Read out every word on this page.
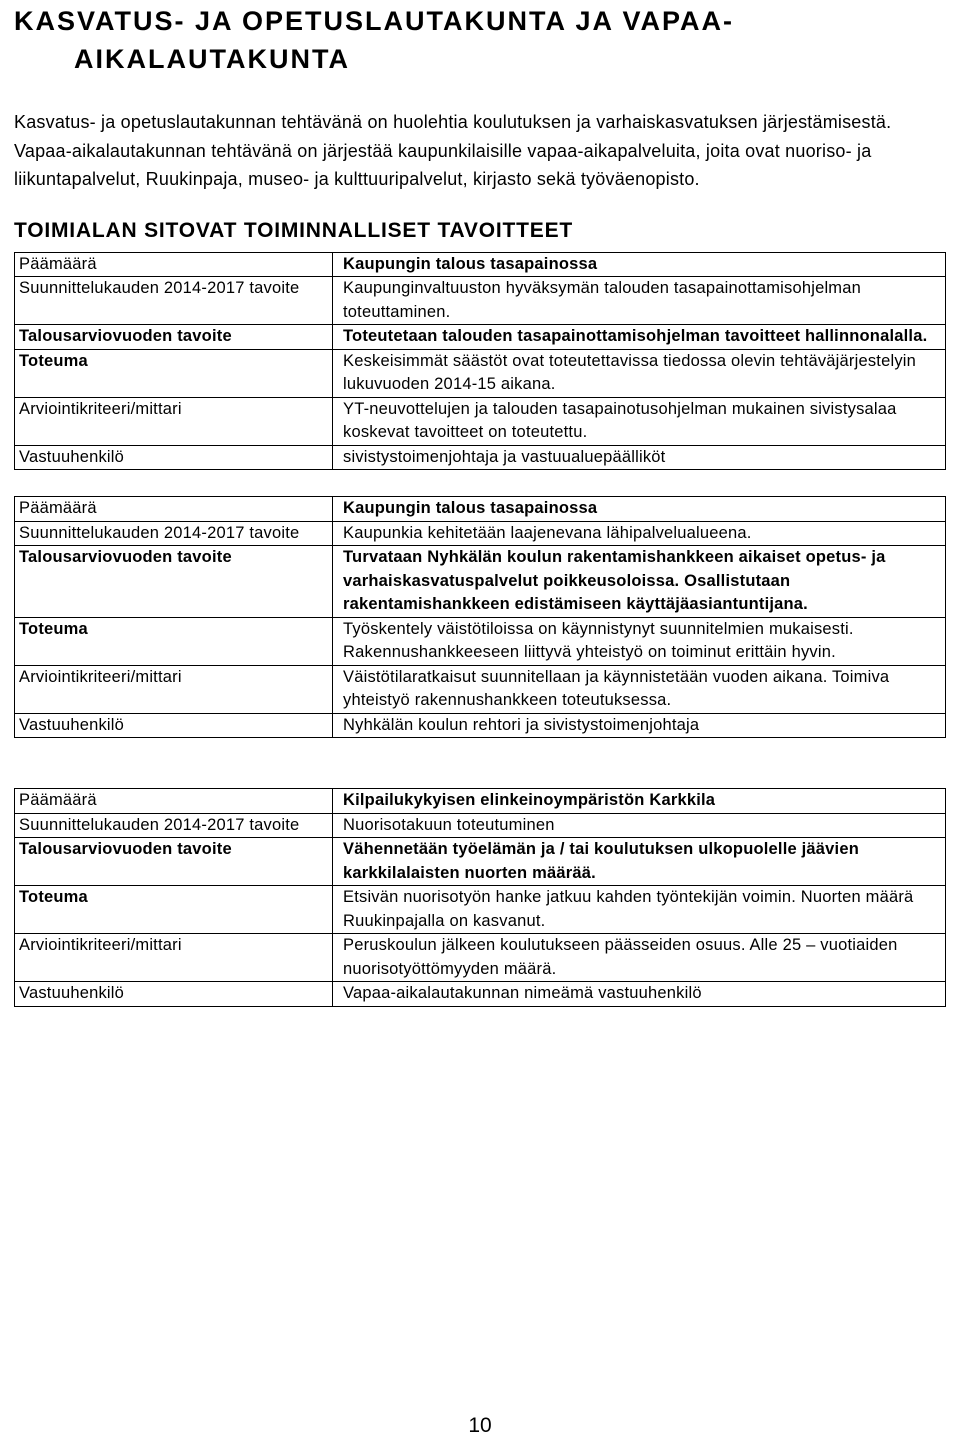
KASVATUS- JA OPETUSLAUTAKUNTA JA VAPAA-
AIKALAUTAKUNTA

Kasvatus- ja opetuslautakunnan tehtävänä on huolehtia koulutuksen ja varhaiskasvatuksen järjestämisestä. Vapaa-aikalautakunnan tehtävänä on järjestää kaupunkilaisille vapaa-aikapalveluita, joita ovat nuoriso- ja liikuntapalvelut, Ruukinpaja, museo- ja kulttuuripalvelut, kirjasto sekä työväenopisto.

TOIMIALAN SITOVAT TOIMINNALLISET TAVOITTEET
Päämäärä	Kaupungin talous tasapainossa
Suunnittelukauden 2014-2017 tavoite	Kaupunginvaltuuston hyväksymän talouden tasapainottamisohjelman toteuttaminen.
Talousarviovuoden tavoite	Toteutetaan talouden tasapainottamisohjelman tavoitteet hallinnonalalla.
Toteuma	Keskeisimmät säästöt ovat toteutettavissa tiedossa olevin tehtäväjärjestelyin lukuvuoden 2014-15 aikana.
Arviointikriteeri/mittari	YT-neuvottelujen ja talouden tasapainotusohjelman mukainen sivistysalaa koskevat tavoitteet on toteutettu.
Vastuuhenkilö	sivistystoimenjohtaja ja vastuualuepäälliköt
Päämäärä	Kaupungin talous tasapainossa
Suunnittelukauden 2014-2017 tavoite	Kaupunkia kehitetään laajenevana lähipalvelualueena.
Talousarviovuoden tavoite	Turvataan Nyhkälän koulun rakentamishankkeen aikaiset opetus- ja varhaiskasvatuspalvelut poikkeusoloissa. Osallistutaan rakentamishankkeen edistämiseen käyttäjäasiantuntijana.
Toteuma	Työskentely väistötiloissa on käynnistynyt suunnitelmien mukaisesti. Rakennushankkeeseen liittyvä yhteistyö on toiminut erittäin hyvin.
Arviointikriteeri/mittari	Väistötilaratkaisut suunnitellaan ja käynnistetään vuoden aikana. Toimiva yhteistyö rakennushankkeen toteutuksessa.
Vastuuhenkilö	Nyhkälän koulun rehtori ja sivistystoimenjohtaja
Päämäärä	Kilpailukykyisen elinkeinoympäristön Karkkila
Suunnittelukauden 2014-2017 tavoite	Nuorisotakuun toteutuminen
Talousarviovuoden tavoite	Vähennetään työelämän ja / tai koulutuksen ulkopuolelle jäävien karkkilalaisten nuorten määrää.
Toteuma	Etsivän nuorisotyön hanke jatkuu kahden työntekijän voimin. Nuorten määrä Ruukinpajalla on kasvanut.
Arviointikriteeri/mittari	Peruskoulun jälkeen koulutukseen päässeiden osuus. Alle 25 – vuotiaiden nuorisotyöttömyyden määrä.
Vastuuhenkilö	Vapaa-aikalautakunnan nimeämä vastuuhenkilö
10
